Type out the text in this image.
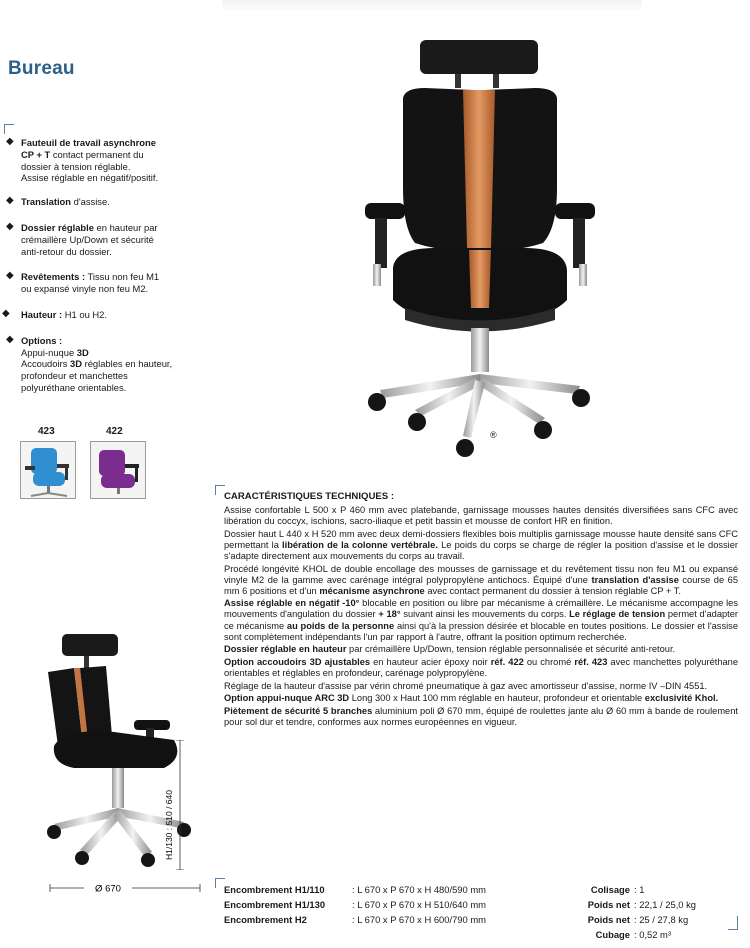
Bureau
◆ Fauteuil de travail asynchrone
CP + T contact permanent du
dossier à tension réglable.
Assise réglable en négatif/positif.
◆ Translation d'assise.
◆ Dossier réglable en hauteur par
crémaillère Up/Down et sécurité
anti-retour du dossier.
◆ Revêtements : Tissu non feu M1
ou expansé vinyle non feu M2.
◆ Hauteur : H1 ou H2.
◆ Options :
Appui-nuque 3D
Accoudoirs 3D réglables en hauteur,
profondeur et manchettes
polyuréthane orientables.
423	422	®
Ø 670
H1/130 : 510 / 640
CARACTÉRISTIQUES TECHNIQUES :

Assise confortable L 500 x P 460 mm avec platebande, garnissage mousses hautes densités diversifiées sans CFC avec libération du coccyx, ischions, sacro-iliaque et petit bassin et mousse de confort HR en finition.

Dossier haut L 440 x H 520 mm avec deux demi-dossiers flexibles bois multiplis garnissage mousse haute densité sans CFC permettant la libération de la colonne vertébrale. Le poids du corps se charge de régler la position d'assise et le dossier s'adapte directement aux mouvements du corps au travail.

Procédé longévité KHOL de double encollage des mousses de garnissage et du revêtement tissu non feu M1 ou expansé vinyle M2 de la gamme avec carénage intégral polypropylène antichocs. Équipé d'une translation d'assise course de 65 mm 6 positions et d'un mécanisme asynchrone avec contact permanent du dossier à tension réglable CP + T.

Assise réglable en négatif -10° blocable en position ou libre par mécanisme à crémaillère. Le mécanisme accompagne les mouvements d'angulation du dossier + 18° suivant ainsi les mouvements du corps. Le réglage de tension permet d'adapter ce mécanisme au poids de la personne ainsi qu'à la pression désirée et blocable en toutes positions. Le dossier et l'assise sont complètement indépendants l'un par rapport à l'autre, offrant la position optimum recherchée.

Dossier réglable en hauteur par crémaillère Up/Down, tension réglable personnalisée et sécurité anti-retour.

Option accoudoirs 3D ajustables en hauteur acier époxy noir réf. 422 ou chromé réf. 423 avec manchettes polyuréthane orientables et réglables en profondeur, carénage polypropylène.

Réglage de la hauteur d'assise par vérin chromé pneumatique à gaz avec amortisseur d'assise, norme IV –DIN 4551.

Option appui-nuque ARC 3D Long 300 x Haut 100 mm réglable en hauteur, profondeur et orientable exclusivité Khol.

Piètement de sécurité 5 branches aluminium poli Ø 670 mm, équipé de roulettes jante alu Ø 60 mm à bande de roulement pour sol dur et tendre, conformes aux normes européennes en vigueur.

Encombrement H1/110	: L 670 x P 670 x H 480/590 mm
Encombrement H1/130	: L 670 x P 670 x H 510/640 mm
Encombrement H2	: L 670 x P 670 x H 600/790 mm
Colisage : 1
Poids net : 22,1 / 25,0 kg
Poids net : 25 / 27,8 kg
Cubage : 0,52 m³
